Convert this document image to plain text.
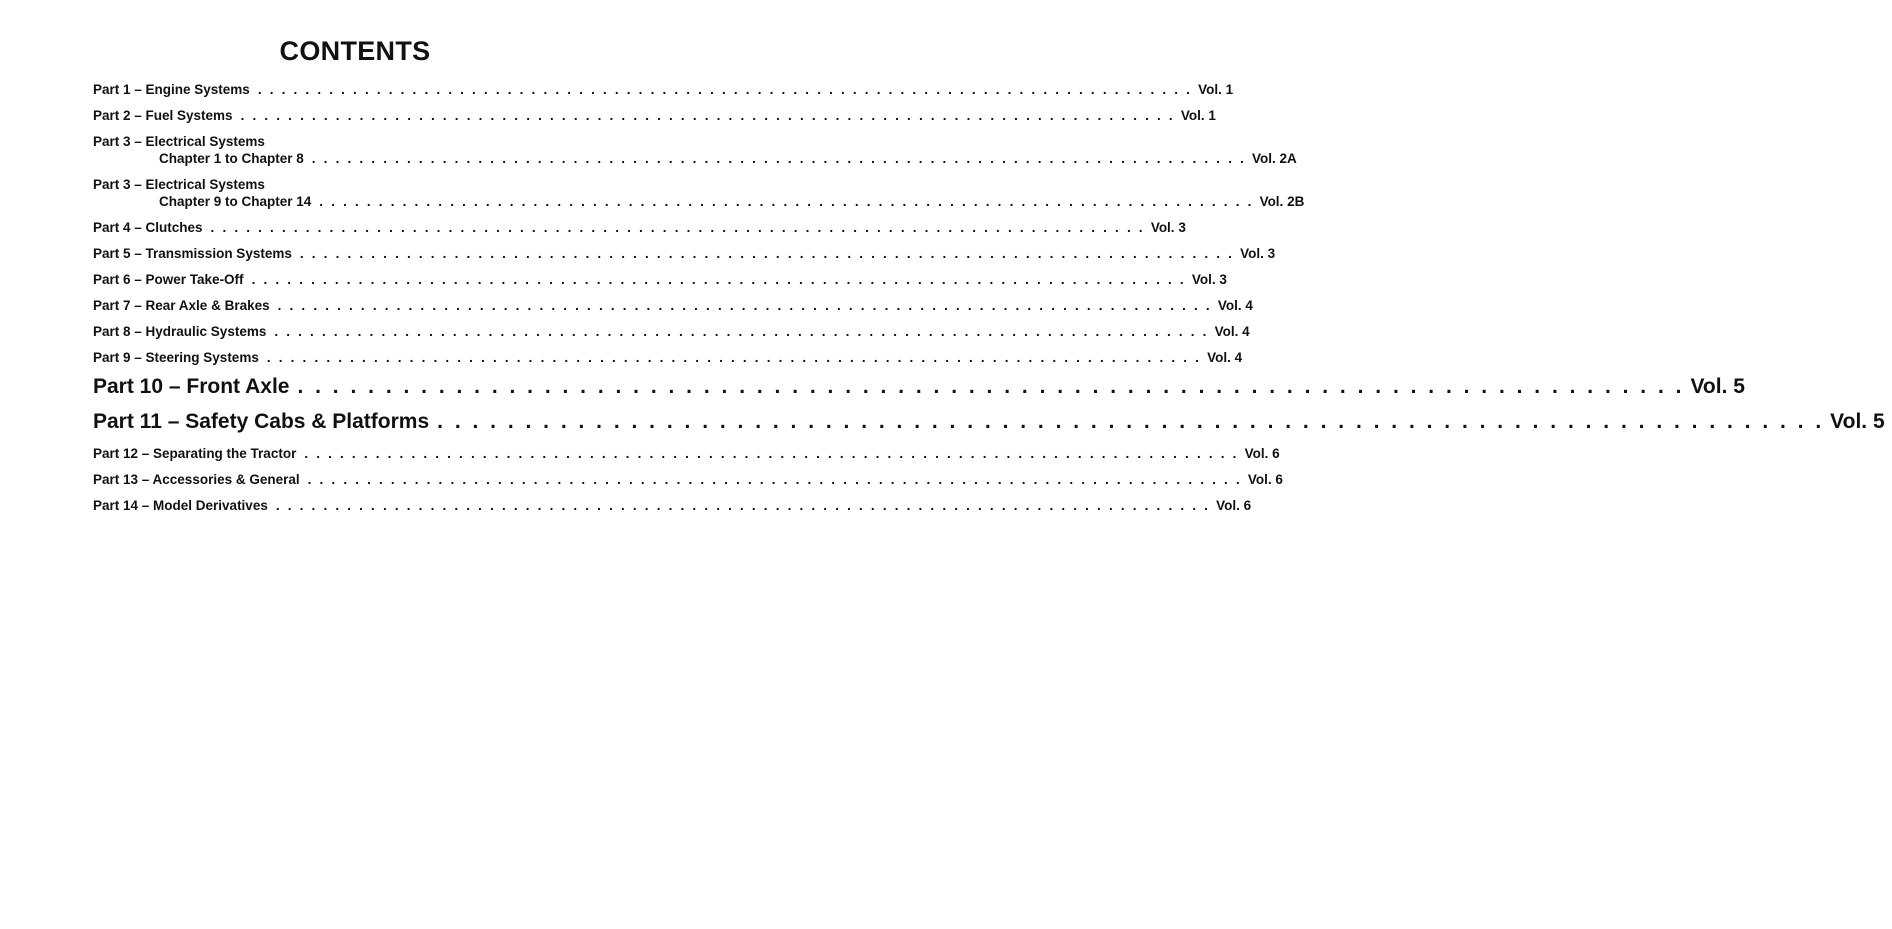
CONTENTS
Part 1 – Engine Systems . . . . . . . . . . . . . . . . . . . . . . . . . . . . . . . . . . . . . . . . . . . . . . . . . . . . . . . . . . . . . . . . . . . . . . . . . . . . . . . Vol. 1
Part 2 – Fuel Systems . . . . . . . . . . . . . . . . . . . . . . . . . . . . . . . . . . . . . . . . . . . . . . . . . . . . . . . . . . . . . . . . . . . . . . . . . . . . . . . Vol. 1
Part 3 – Electrical Systems
Chapter 1 to Chapter 8 . . . . . . . . . . . . . . . . . . . . . . . . . . . . . . . . . . . . . . . . . . . . . . . . . . . . . . . . . . . . . . . . . . . . . . . . . . . . . . . Vol. 2A
Part 3 – Electrical Systems
Chapter 9 to Chapter 14 . . . . . . . . . . . . . . . . . . . . . . . . . . . . . . . . . . . . . . . . . . . . . . . . . . . . . . . . . . . . . . . . . . . . . . . . . . . . . . . Vol. 2B
Part 4 – Clutches . . . . . . . . . . . . . . . . . . . . . . . . . . . . . . . . . . . . . . . . . . . . . . . . . . . . . . . . . . . . . . . . . . . . . . . . . . . . . . . Vol. 3
Part 5 – Transmission Systems . . . . . . . . . . . . . . . . . . . . . . . . . . . . . . . . . . . . . . . . . . . . . . . . . . . . . . . . . . . . . . . . . . . . . . . . . . . . . . . Vol. 3
Part 6 – Power Take-Off . . . . . . . . . . . . . . . . . . . . . . . . . . . . . . . . . . . . . . . . . . . . . . . . . . . . . . . . . . . . . . . . . . . . . . . . . . . . . . . Vol. 3
Part 7 – Rear Axle & Brakes . . . . . . . . . . . . . . . . . . . . . . . . . . . . . . . . . . . . . . . . . . . . . . . . . . . . . . . . . . . . . . . . . . . . . . . . . . . . . . . Vol. 4
Part 8 – Hydraulic Systems . . . . . . . . . . . . . . . . . . . . . . . . . . . . . . . . . . . . . . . . . . . . . . . . . . . . . . . . . . . . . . . . . . . . . . . . . . . . . . . Vol. 4
Part 9 – Steering Systems . . . . . . . . . . . . . . . . . . . . . . . . . . . . . . . . . . . . . . . . . . . . . . . . . . . . . . . . . . . . . . . . . . . . . . . . . . . . . . . Vol. 4
Part 10 – Front Axle . . . . . . . . . . . . . . . . . . . . . . . . . . . . . . . . . . . . . . . . . . . . . . . . . . . . . . . . . . . . . . . . . . . . . . . . . . . . . . . Vol. 5
Part 11 – Safety Cabs & Platforms . . . . . . . . . . . . . . . . . . . . . . . . . . . . . . . . . . . . . . . . . . . . . . . . . . . . . . . . . . . . . . . . . . . . . . . . . . . . . . . Vol. 5
Part 12 – Separating the Tractor . . . . . . . . . . . . . . . . . . . . . . . . . . . . . . . . . . . . . . . . . . . . . . . . . . . . . . . . . . . . . . . . . . . . . . . . . . . . . . . Vol. 6
Part 13 – Accessories & General . . . . . . . . . . . . . . . . . . . . . . . . . . . . . . . . . . . . . . . . . . . . . . . . . . . . . . . . . . . . . . . . . . . . . . . . . . . . . . . Vol. 6
Part 14 – Model Derivatives . . . . . . . . . . . . . . . . . . . . . . . . . . . . . . . . . . . . . . . . . . . . . . . . . . . . . . . . . . . . . . . . . . . . . . . . . . . . . . . Vol. 6
